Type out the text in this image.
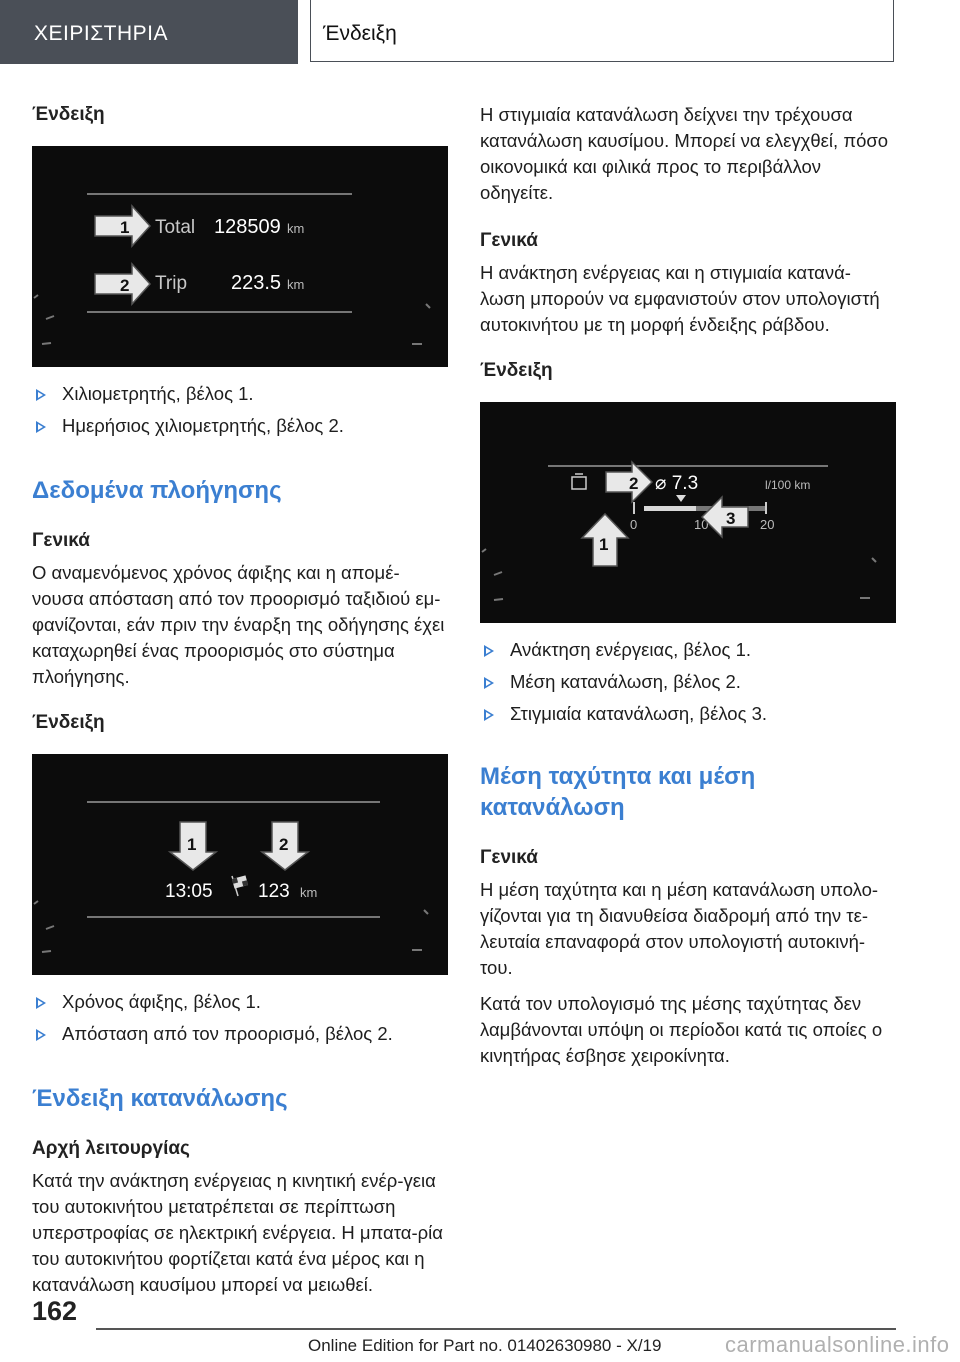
ΧΕΙΡΙΣΤΗΡΙΑ	Ένδειξη
Ένδειξη
1
2
Total 128509 km
Trip 223.5 km
Χιλιομετρητής, βέλος 1.
Ημερήσιος χιλιομετρητής, βέλος 2.
Δεδομένα πλοήγησης
Γενικά
Ο αναμενόμενος χρόνος άφιξης και η απομέ-νουσα απόσταση από τον προορισμό ταξιδιού εμ-φανίζονται, εάν πριν την έναρξη της οδήγησης έχει καταχωρηθεί ένας προορισμός στο σύστημα πλοήγησης.
Ένδειξη
1	2
13:05 123 km
Χρόνος άφιξης, βέλος 1.
Απόσταση από τον προορισμό, βέλος 2.
Ένδειξη κατανάλωσης
Αρχή λειτουργίας
Κατά την ανάκτηση ενέργειας η κινητική ενέρ-γεια του αυτοκινήτου μετατρέπεται σε περίπτωση υπερστροφίας σε ηλεκτρική ενέργεια. Η μπατα-ρία του αυτοκινήτου φορτίζεται κατά ένα μέρος και η κατανάλωση καυσίμου μπορεί να μειωθεί.
Η στιγμιαία κατανάλωση δείχνει την τρέχουσα κατανάλωση καυσίμου. Μπορεί να ελεγχθεί, πόσο οικονομικά και φιλικά προς το περιβάλλον οδηγείτε.
Γενικά
Η ανάκτηση ενέργειας και η στιγμιαία κατανά-λωση μπορούν να εμφανιστούν στον υπολογιστή αυτοκινήτου με τη μορφή ένδειξης ράβδου.
Ένδειξη
⌀ 7.3	l/100 km
0	10	20
1
2
3
Ανάκτηση ενέργειας, βέλος 1.
Μέση κατανάλωση, βέλος 2.
Στιγμιαία κατανάλωση, βέλος 3.
Μέση ταχύτητα και μέση κατανάλωση
Γενικά
Η μέση ταχύτητα και η μέση κατανάλωση υπολο-γίζονται για τη διανυθείσα διαδρομή από την τε-λευταία επαναφορά στον υπολογιστή αυτοκινή-του.
Κατά τον υπολογισμό της μέσης ταχύτητας δεν λαμβάνονται υπόψη οι περίοδοι κατά τις οποίες ο κινητήρας έσβησε χειροκίνητα.
162
Online Edition for Part no. 01402630980 - X/19	carmanualsonline.info
